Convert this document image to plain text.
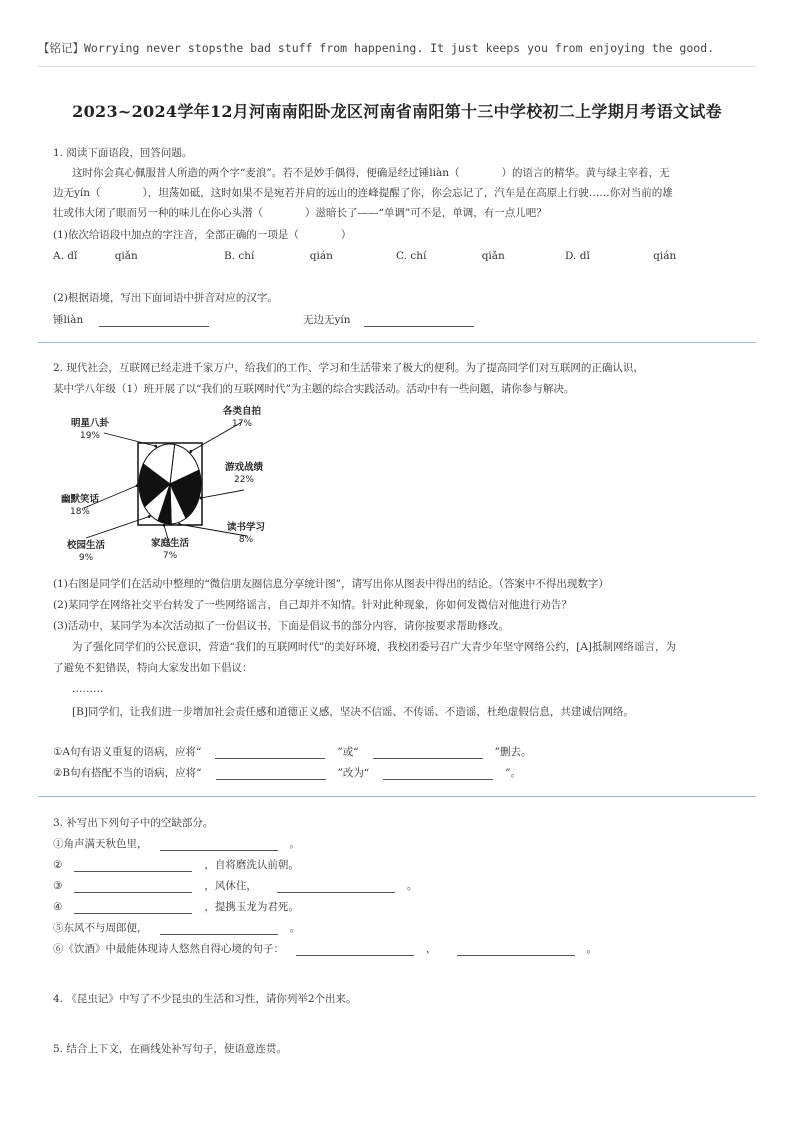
【铭记】Worrying never stopsthe bad stuff from happening. It just keeps you from enjoying the good.
2023~2024学年12月河南南阳卧龙区河南省南阳第十三中学校初二上学期月考语文试卷
1. 阅读下面语段，回答问题。
这时你会真心佩服昔人所造的两个字“麦浪”。若不是妙手偶得，便确是经过锤liàn（　　　　）的语言的精华。黄与绿主宰着，无
边无yín（　　　　），坦荡如砥，这时如果不是宛若并肩的远山的连峰提醒了你，你会忘记了，汽车是在高原上行驶……你对当前的雄
壮或伟大闭了眼而另一种的味儿在你心头潜（　　　　）滋暗长了——“单调”可不是，单调，有一点儿吧？
(1)依次给语段中加点的字注音，全部正确的一项是（　　　　）
A. dǐ	qiǎn	B. chí	qián	C. chí	qiǎn	D. dǐ	qián
(2)根据语境，写出下面词语中拼音对应的汉字。
锤liàn	无边无yín
2. 现代社会，互联网已经走进千家万户，给我们的工作、学习和生活带来了极大的便利。为了提高同学们对互联网的正确认识，
某中学八年级（1）班开展了以“我们的互联网时代”为主题的综合实践活动。活动中有一些问题，请你参与解决。
各类自拍
17%
游戏战绩
22%
读书学习
8%
家庭生活
7%
校园生活
9%
幽默笑话
18%
明星八卦
19%
(1)右图是同学们在活动中整理的“微信朋友圈信息分享统计图”，请写出你从图表中得出的结论。（答案中不得出现数字）
(2)某同学在网络社交平台转发了一些网络谣言，自己却并不知情。针对此种现象，你如何发微信对他进行劝告？
(3)活动中，某同学为本次活动拟了一份倡议书，下面是倡议书的部分内容，请你按要求帮助修改。
为了强化同学们的公民意识，营造“我们的互联网时代”的美好环境，我校团委号召广大青少年坚守网络公约，[A]抵制网络谣言，为
了避免不犯错误，特向大家发出如下倡议：
………
[B]同学们，让我们进一步增加社会责任感和道德正义感，坚决不信谣、不传谣、不造谣，杜绝虚假信息，共建诚信网络。
①A句有语义重复的语病，应将“	”或“	”删去。
②B句有搭配不当的语病，应将“	”改为“	”。
3. 补写出下列句子中的空缺部分。
①角声满天秋色里，	。
②	，自将磨洗认前朝。
③	，风休住，	。
④	，提携玉龙为君死。
⑤东风不与周郎便，	。
⑥《饮酒》中最能体现诗人悠然自得心境的句子：	，	。
4. 《昆虫记》中写了不少昆虫的生活和习性，请你列举2个出来。
5. 结合上下文，在画线处补写句子，使语意连贯。
